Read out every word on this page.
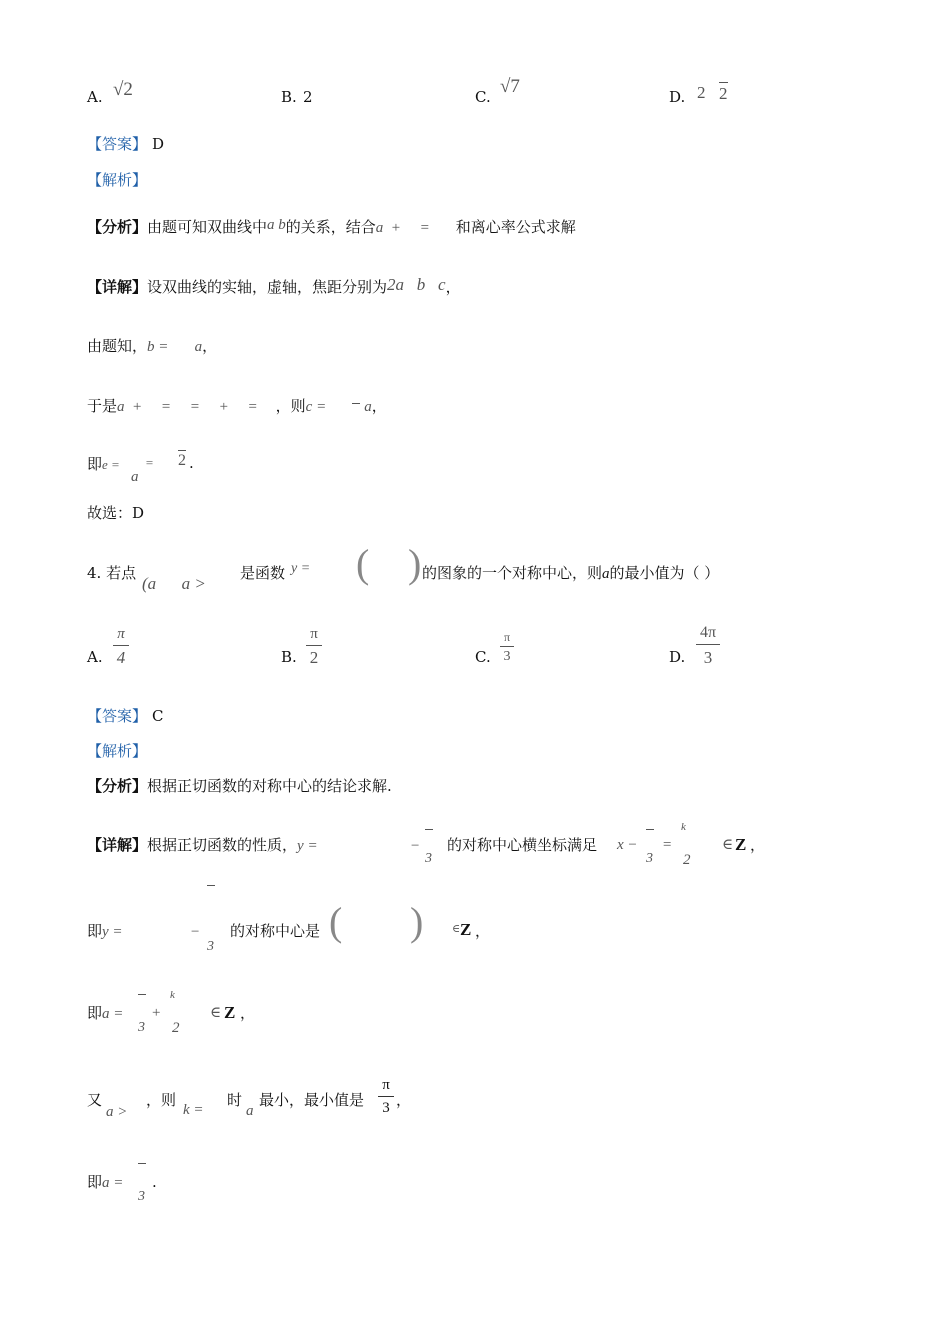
A. √2	B. 2	C. √7	D. 2 2
【答案】 D
【解析】
【分析】由题可知双曲线中a b的关系，结合a  +     = 和离心率公式求解
【详解】设双曲线的实轴，虚轴，焦距分别为2a   b   c，
由题知，b =       a，
于是a  +     =     =     +     = ，则c =	a，
即e =
a
= 2 .
故选：D
4. 若点
(a      a >
是函数 y = ( ) 的图象的一个对称中心，则a的最小值为（ ）
A.
π
4	B.
π
2	C.
π
3	D.
4π
3
【答案】 C
【解析】
【分析】根据正切函数的对称中心的结论求解.
【详解】根据正切函数的性质，y =	−
3
的对称中心横坐标满足 x −
3
=
k
2
∈ Z ，
即y =	−
3
的对称中心是 ( )	∈ Z ，
即a =
3
+
k
2
∈ Z ，
又
a >
，则
k =
时
a
最小，最小值是
π
3 ，
即a =
3
.
